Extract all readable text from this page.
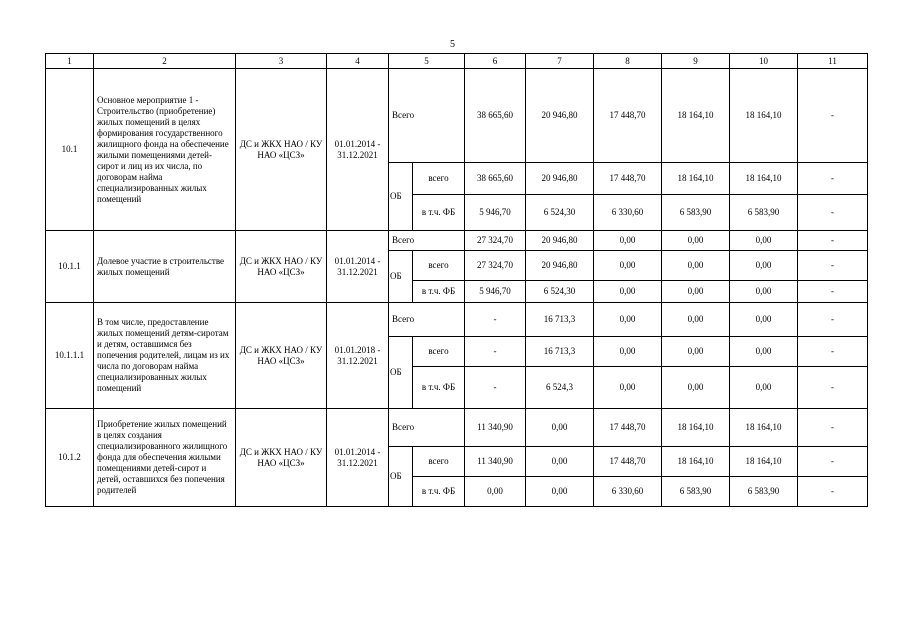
5
1	2	3	4	5		6	7	8	9	10	11
10.1	Основное мероприятие 1 - Строительство (приобретение) жилых помещений в целях формирования государственного жилищного фонда на обеспечение жилыми помещениями детей-сирот и лиц из их числа, по договорам найма специализированных жилых помещений	ДС и ЖКХ НАО / КУ НАО «ЦСЗ»	01.01.2014 - 31.12.2021	Всего		38 665,60	20 946,80	17 448,70	18 164,10	18 164,10	-
				ОБ	всего	38 665,60	20 946,80	17 448,70	18 164,10	18 164,10	-
					в т.ч. ФБ	5 946,70	6 524,30	6 330,60	6 583,90	6 583,90	-
10.1.1	Долевое участие в строительстве жилых помещений	ДС и ЖКХ НАО / КУ НАО «ЦСЗ»	01.01.2014 - 31.12.2021	Всего		27 324,70	20 946,80	0,00	0,00	0,00	-
				ОБ	всего	27 324,70	20 946,80	0,00	0,00	0,00	-
					в т.ч. ФБ	5 946,70	6 524,30	0,00	0,00	0,00	-
10.1.1.1	В том числе, предоставление жилых помещений детям-сиротам и детям, оставшимся без попечения родителей, лицам из их числа по договорам найма специализированных жилых помещений	ДС и ЖКХ НАО / КУ НАО «ЦСЗ»	01.01.2018 - 31.12.2021	Всего		-	16 713,3	0,00	0,00	0,00	-
				ОБ	всего	-	16 713,3	0,00	0,00	0,00	-
					в т.ч. ФБ	-	6 524,3	0,00	0,00	0,00	-
10.1.2	Приобретение жилых помещений в целях создания специализированного жилищного фонда для обеспечения жилыми помещениями детей-сирот и детей, оставшихся без попечения родителей	ДС и ЖКХ НАО / КУ НАО «ЦСЗ»	01.01.2014 - 31.12.2021	Всего		11 340,90	0,00	17 448,70	18 164,10	18 164,10	-
				ОБ	всего	11 340,90	0,00	17 448,70	18 164,10	18 164,10	-
					в т.ч. ФБ	0,00	0,00	6 330,60	6 583,90	6 583,90	-
